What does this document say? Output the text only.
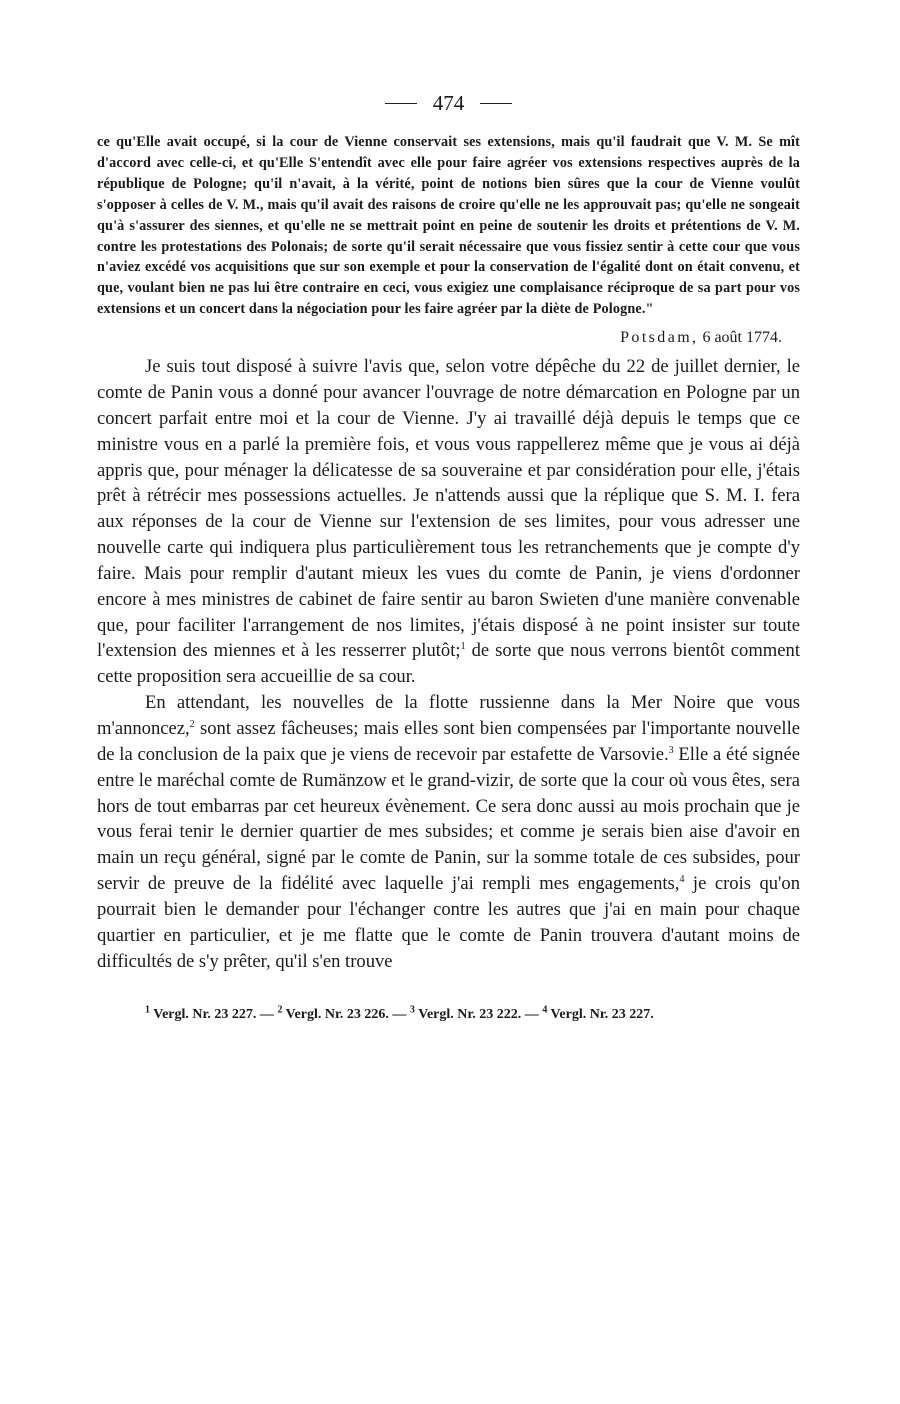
474

ce qu'Elle avait occupé, si la cour de Vienne conservait ses extensions, mais qu'il faudrait que V. M. Se mît d'accord avec celle-ci, et qu'Elle S'entendît avec elle pour faire agréer vos extensions respectives auprès de la république de Pologne; qu'il n'avait, à la vérité, point de notions bien sûres que la cour de Vienne voulût s'opposer à celles de V. M., mais qu'il avait des raisons de croire qu'elle ne les approuvait pas; qu'elle ne songeait qu'à s'assurer des siennes, et qu'elle ne se mettrait point en peine de soutenir les droits et prétentions de V. M. contre les protestations des Polonais; de sorte qu'il serait nécessaire que vous fissiez sentir à cette cour que vous n'aviez excédé vos acquisitions que sur son exemple et pour la conservation de l'égalité dont on était convenu, et que, voulant bien ne pas lui être contraire en ceci, vous exigiez une complaisance réciproque de sa part pour vos extensions et un concert dans la négociation pour les faire agréer par la diète de Pologne."

Potsdam, 6 août 1774.

Je suis tout disposé à suivre l'avis que, selon votre dépêche du 22 de juillet dernier, le comte de Panin vous a donné pour avancer l'ouvrage de notre démarcation en Pologne par un concert parfait entre moi et la cour de Vienne. J'y ai travaillé déjà depuis le temps que ce ministre vous en a parlé la première fois, et vous vous rappellerez même que je vous ai déjà appris que, pour ménager la délicatesse de sa souveraine et par considération pour elle, j'étais prêt à rétrécir mes possessions actuelles. Je n'attends aussi que la réplique que S. M. I. fera aux réponses de la cour de Vienne sur l'extension de ses limites, pour vous adresser une nouvelle carte qui indiquera plus particulièrement tous les retranchements que je compte d'y faire. Mais pour remplir d'autant mieux les vues du comte de Panin, je viens d'ordonner encore à mes ministres de cabinet de faire sentir au baron Swieten d'une manière convenable que, pour faciliter l'arrangement de nos limites, j'étais disposé à ne point insister sur toute l'extension des miennes et à les resserrer plutôt;$^1$ de sorte que nous verrons bientôt comment cette proposition sera accueillie de sa cour.

En attendant, les nouvelles de la flotte russienne dans la Mer Noire que vous m'annoncez,$^2$ sont assez fâcheuses; mais elles sont bien compensées par l'importante nouvelle de la conclusion de la paix que je viens de recevoir par estafette de Varsovie.$^3$ Elle a été signée entre le maréchal comte de Rumänzow et le grand-vizir, de sorte que la cour où vous êtes, sera hors de tout embarras par cet heureux évènement. Ce sera donc aussi au mois prochain que je vous ferai tenir le dernier quartier de mes subsides; et comme je serais bien aise d'avoir en main un reçu général, signé par le comte de Panin, sur la somme totale de ces subsides, pour servir de preuve de la fidélité avec laquelle j'ai rempli mes engagements,$^4$ je crois qu'on pourrait bien le demander pour l'échanger contre les autres que j'ai en main pour chaque quartier en particulier, et je me flatte que le comte de Panin trouvera d'autant moins de difficultés de s'y prêter, qu'il s'en trouve

$^1$ Vergl. Nr. 23 227. — $^2$ Vergl. Nr. 23 226. — $^3$ Vergl. Nr. 23 222. — $^4$ Vergl. Nr. 23 227.
